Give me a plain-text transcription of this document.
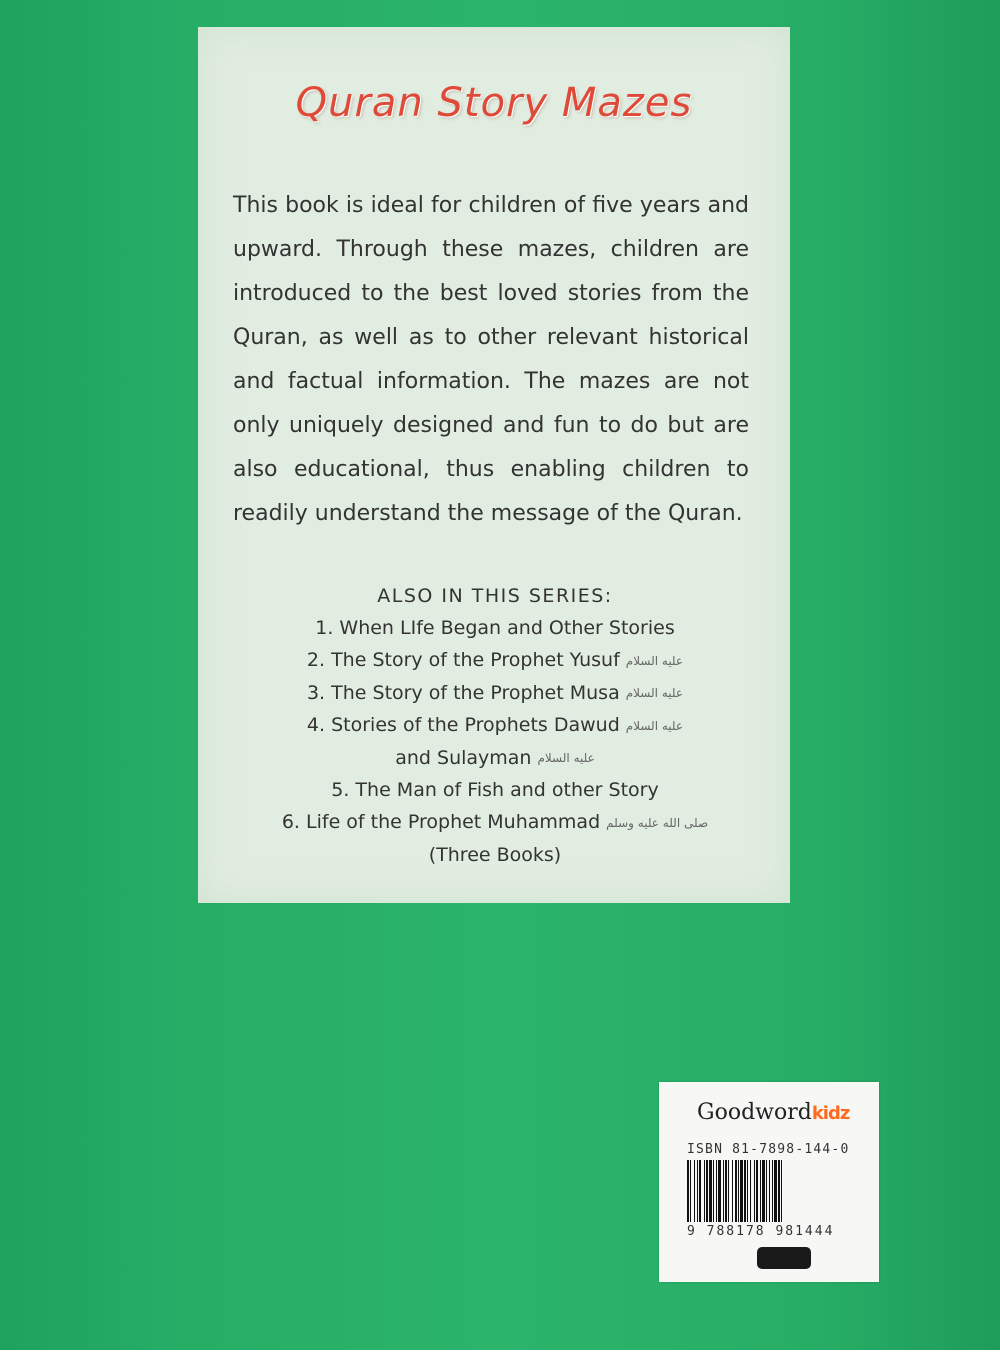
Quran Story Mazes

This book is ideal for children of five years and upward. Through these mazes, children are introduced to the best loved stories from the Quran, as well as to other relevant historical and factual information. The mazes are not only uniquely designed and fun to do but are also educational, thus enabling children to readily understand the message of the Quran.

ALSO IN THIS SERIES:
1. When LIfe Began and Other Stories
2. The Story of the Prophet Yusuf عليه السلام
3. The Story of the Prophet Musa عليه السلام
4. Stories of the Prophets Dawud عليه السلام
and Sulayman عليه السلام
5. The Man of Fish and other Story
6. Life of the Prophet Muhammad صلى الله عليه وسلم
(Three Books)
Goodwordkidz
ISBN 81-7898-144-0
9 788178 981444
